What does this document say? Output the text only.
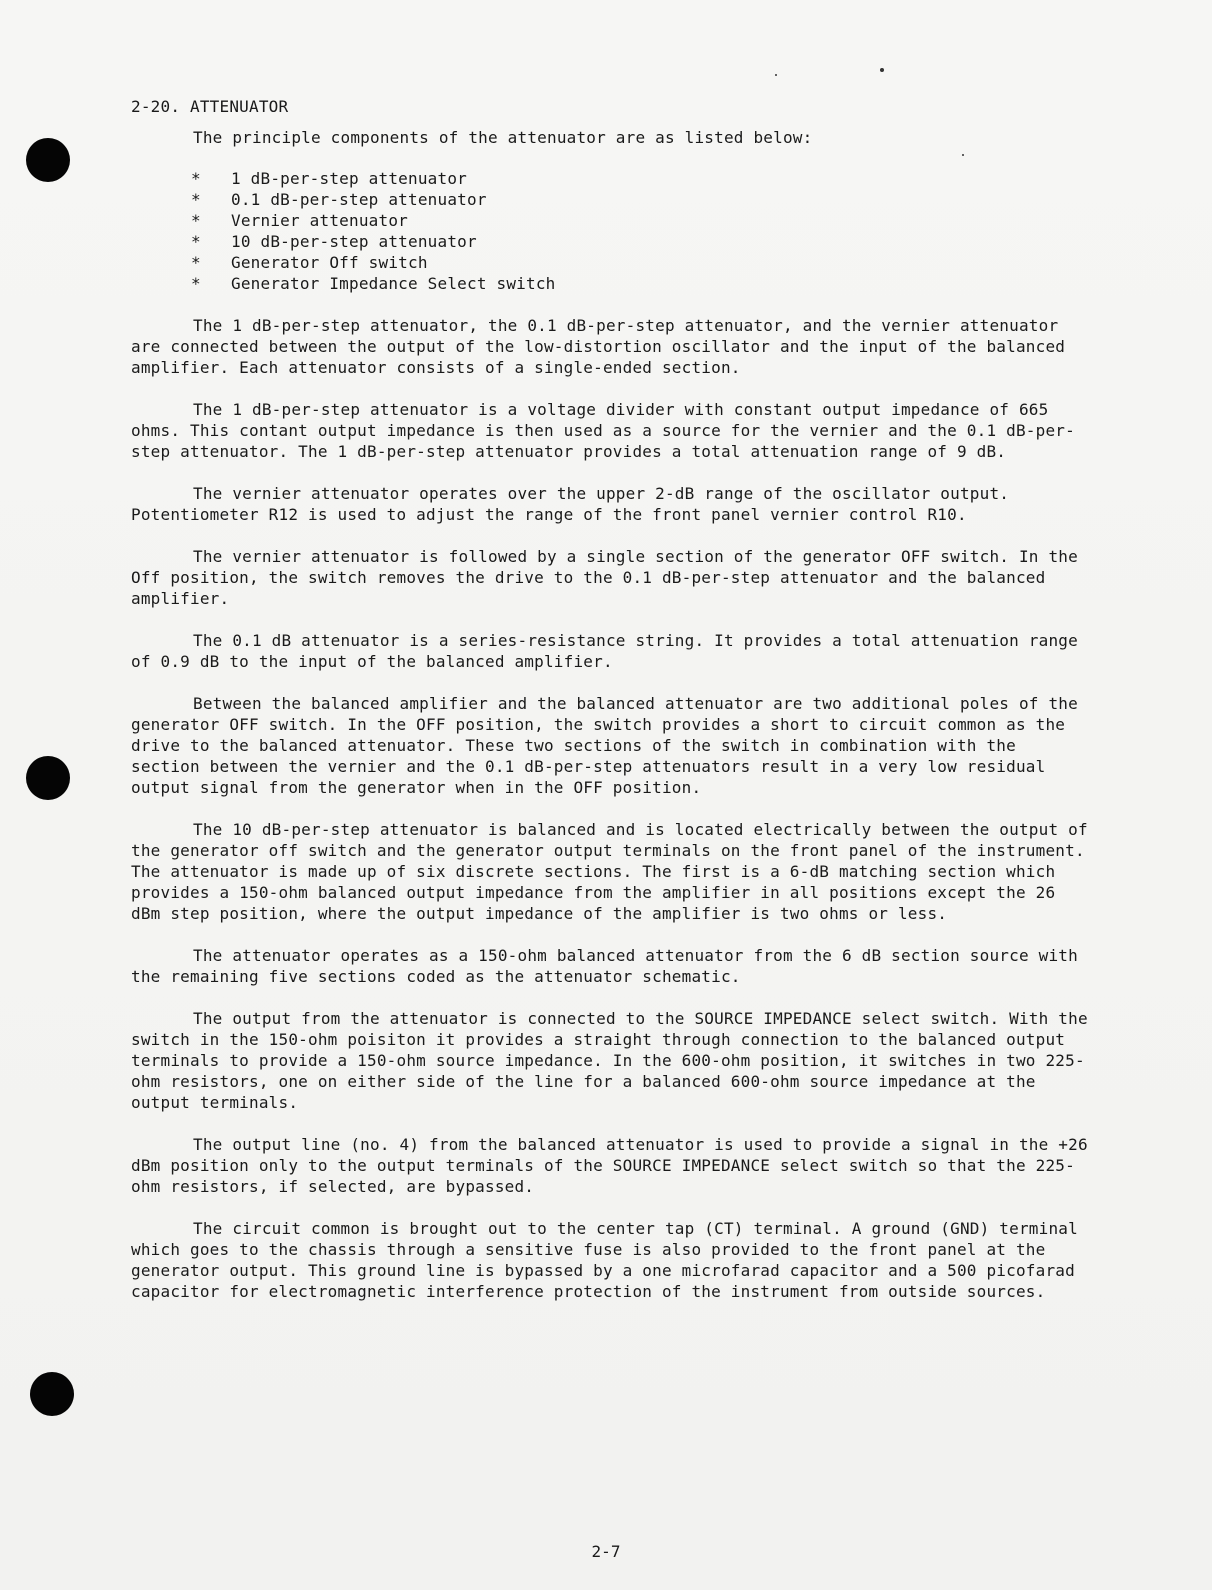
2-20. ATTENUATOR

The principle components of the attenuator are as listed below:

* 1 dB-per-step attenuator
* 0.1 dB-per-step attenuator
* Vernier attenuator
* 10 dB-per-step attenuator
* Generator Off switch
* Generator Impedance Select switch

The 1 dB-per-step attenuator, the 0.1 dB-per-step attenuator, and the vernier attenuator are connected between the output of the low-distortion oscillator and the input of the balanced amplifier. Each attenuator consists of a single-ended section.

The 1 dB-per-step attenuator is a voltage divider with constant output impedance of 665 ohms. This contant output impedance is then used as a source for the vernier and the 0.1 dB-per-step attenuator. The 1 dB-per-step attenuator provides a total attenuation range of 9 dB.

The vernier attenuator operates over the upper 2-dB range of the oscillator output. Potentiometer R12 is used to adjust the range of the front panel vernier control R10.

The vernier attenuator is followed by a single section of the generator OFF switch. In the Off position, the switch removes the drive to the 0.1 dB-per-step attenuator and the balanced amplifier.

The 0.1 dB attenuator is a series-resistance string. It provides a total attenuation range of 0.9 dB to the input of the balanced amplifier.

Between the balanced amplifier and the balanced attenuator are two additional poles of the generator OFF switch. In the OFF position, the switch provides a short to circuit common as the drive to the balanced attenuator. These two sections of the switch in combination with the section between the vernier and the 0.1 dB-per-step attenuators result in a very low residual output signal from the generator when in the OFF position.

The 10 dB-per-step attenuator is balanced and is located electrically between the output of the generator off switch and the generator output terminals on the front panel of the instrument. The attenuator is made up of six discrete sections. The first is a 6-dB matching section which provides a 150-ohm balanced output impedance from the amplifier in all positions except the 26 dBm step position, where the output impedance of the amplifier is two ohms or less.

The attenuator operates as a 150-ohm balanced attenuator from the 6 dB section source with the remaining five sections coded as the attenuator schematic.

The output from the attenuator is connected to the SOURCE IMPEDANCE select switch. With the switch in the 150-ohm poisiton it provides a straight through connection to the balanced output terminals to provide a 150-ohm source impedance. In the 600-ohm position, it switches in two 225-ohm resistors, one on either side of the line for a balanced 600-ohm source impedance at the output terminals.

The output line (no. 4) from the balanced attenuator is used to provide a signal in the +26 dBm position only to the output terminals of the SOURCE IMPEDANCE select switch so that the 225-ohm resistors, if selected, are bypassed.

The circuit common is brought out to the center tap (CT) terminal. A ground (GND) terminal which goes to the chassis through a sensitive fuse is also provided to the front panel at the generator output. This ground line is bypassed by a one microfarad capacitor and a 500 picofarad capacitor for electromagnetic interference protection of the instrument from outside sources.

2-7
